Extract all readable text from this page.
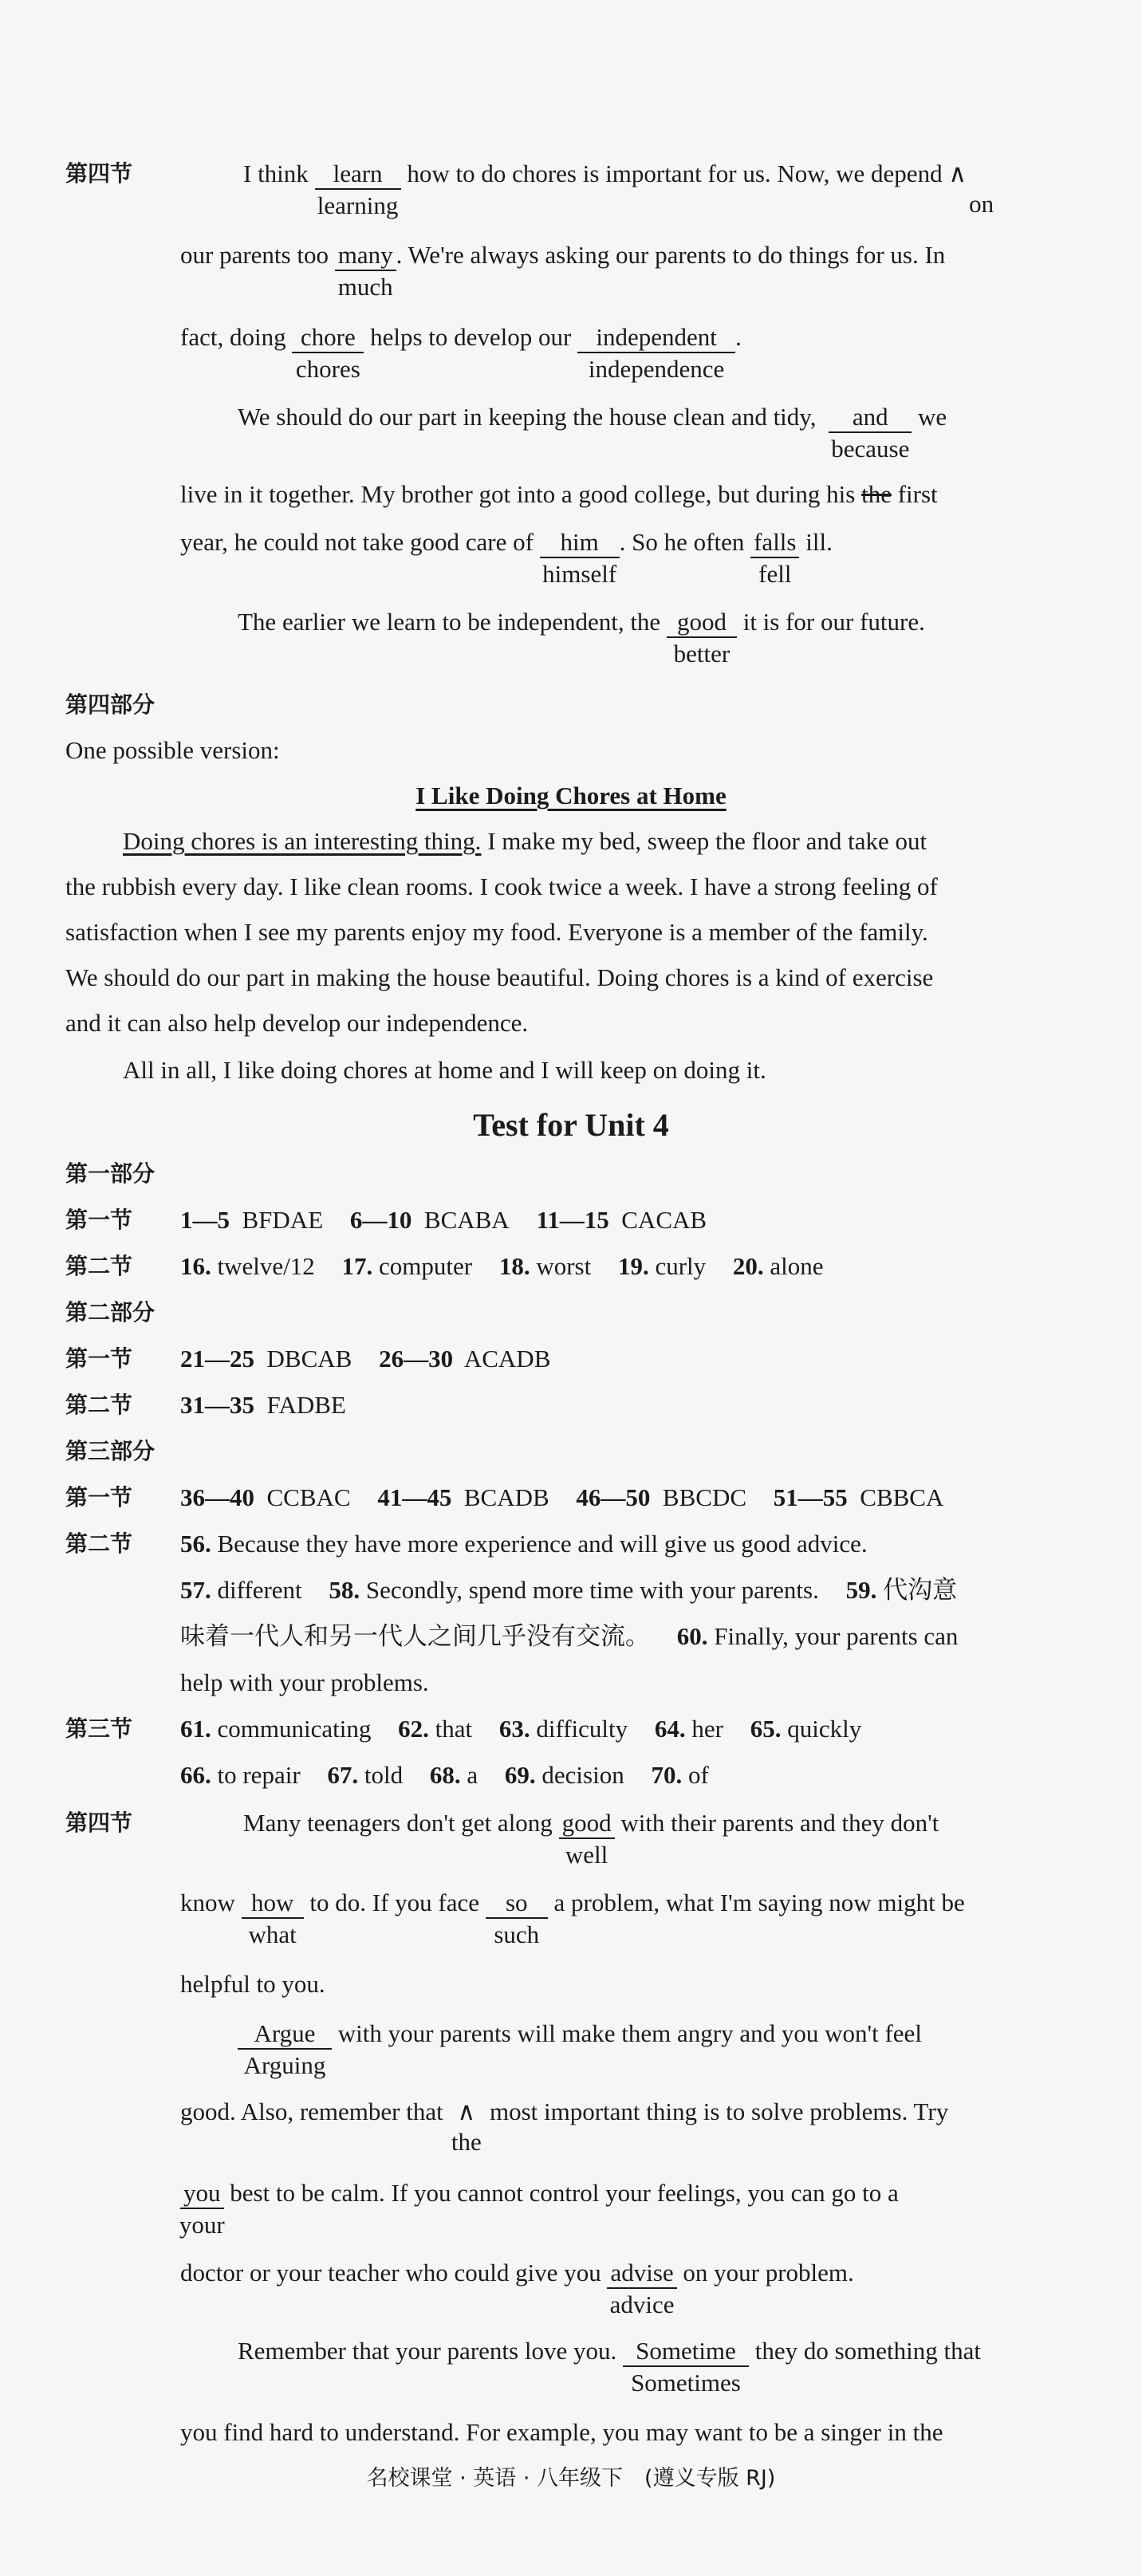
第四节	I think learn
learning
how to do chores is important for us. Now, we depend ∧
on
our parents too many
much
. We're always asking our parents to do things for us. In
fact, doing chore
chores
helps to develop our independent
independence
.
We should do our part in keeping the house clean and tidy, and
because
we
live in it together. My brother got into a good college, but during his the first
year, he could not take good care of him
himself
. So he often falls
fell
ill.
The earlier we learn to be independent, the good
better
it is for our future.
第四部分
One possible version:
I Like Doing Chores at Home
Doing chores is an interesting thing. I make my bed, sweep the floor and take out
the rubbish every day. I like clean rooms. I cook twice a week. I have a strong feeling of
satisfaction when I see my parents enjoy my food. Everyone is a member of the family.
We should do our part in making the house beautiful. Doing chores is a kind of exercise
and it can also help develop our independence.
All in all, I like doing chores at home and I will keep on doing it.
Test for Unit 4
第一部分
第一节 1—5 BFDAE 6—10 BCABA 11—15 CACAB
第二节 16. twelve/12 17. computer 18. worst 19. curly 20. alone
第二部分
第一节 21—25 DBCAB 26—30 ACADB
第二节 31—35 FADBE
第三部分
第一节 36—40 CCBAC 41—45 BCADB 46—50 BBCDC 51—55 CBBCA
第二节 56. Because they have more experience and will give us good advice.
57. different 58. Secondly, spend more time with your parents. 59. 代沟意
味着一代人和另一代人之间几乎没有交流。 60. Finally, your parents can
help with your problems.
第三节 61. communicating 62. that 63. difficulty 64. her 65. quickly
66. to repair 67. told 68. a 69. decision 70. of
第四节	Many teenagers don't get along good
well
with their parents and they don't
know how
what
to do. If you face so
such
a problem, what I'm saying now might be
helpful to you.
Argue
Arguing
with your parents will make them angry and you won't feel
good. Also, remember that ∧
the
most important thing is to solve problems. Try
you
your
best to be calm. If you cannot control your feelings, you can go to a
doctor or your teacher who could give you advise
advice
on your problem.
Remember that your parents love you. Sometime
Sometimes
they do something that
you find hard to understand. For example, you may want to be a singer in the
名校课堂 · 英语 · 八年级下　(遵义专版 RJ)
